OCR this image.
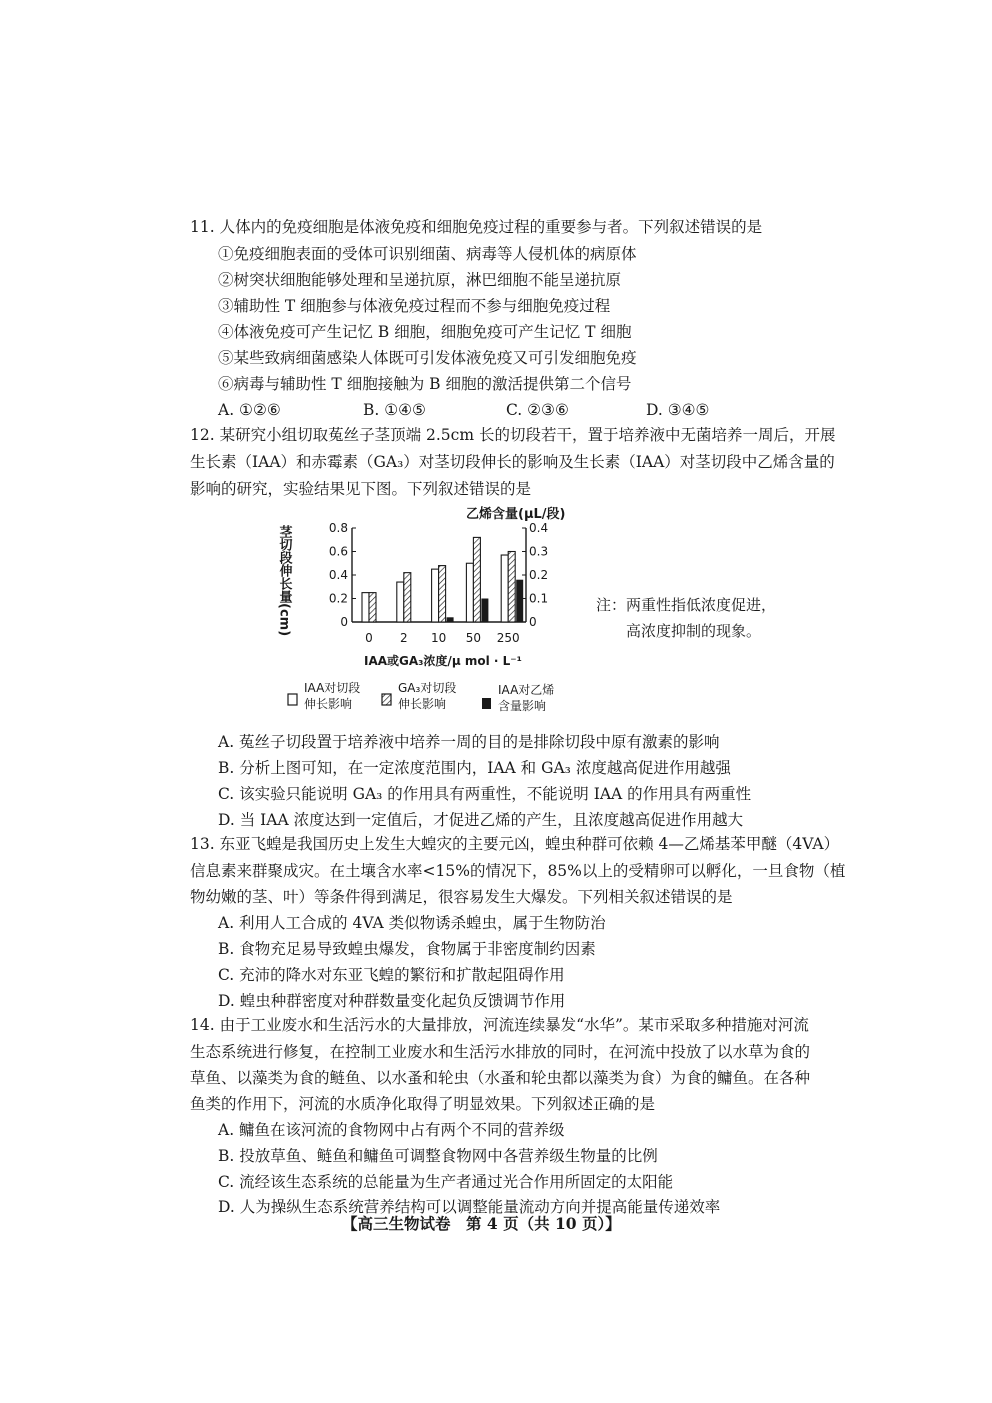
11. 人体内的免疫细胞是体液免疫和细胞免疫过程的重要参与者。下列叙述错误的是
①免疫细胞表面的受体可识别细菌、病毒等人侵机体的病原体
②树突状细胞能够处理和呈递抗原，淋巴细胞不能呈递抗原
③辅助性 T 细胞参与体液免疫过程而不参与细胞免疫过程
④体液免疫可产生记忆 B 细胞，细胞免疫可产生记忆 T 细胞
⑤某些致病细菌感染人体既可引发体液免疫又可引发细胞免疫
⑥病毒与辅助性 T 细胞接触为 B 细胞的激活提供第二个信号
A. ①②⑥	B. ①④⑤	C. ②③⑥	D. ③④⑤
12. 某研究小组切取菟丝子茎顶端 2.5cm 长的切段若干，置于培养液中无菌培养一周后，开展
生长素（IAA）和赤霉素（GA₃）对茎切段伸长的影响及生长素（IAA）对茎切段中乙烯含量的
影响的研究，实验结果见下图。下列叙述错误的是
0
0.2
0.4
0.6
0.8
0
0.1
0.2
0.3
0.4
0 2 10 50 250
茎切段伸长量(cm)
乙烯含量(μL/段)
IAA或GA₃浓度/μ mol · L⁻¹
IAA对切段
伸长影响
GA₃对切段
伸长影响
IAA对乙烯
含量影响
注：两重性指低浓度促进，
高浓度抑制的现象。
A. 菟丝子切段置于培养液中培养一周的目的是排除切段中原有激素的影响
B. 分析上图可知，在一定浓度范围内，IAA 和 GA₃ 浓度越高促进作用越强
C. 该实验只能说明 GA₃ 的作用具有两重性，不能说明 IAA 的作用具有两重性
D. 当 IAA 浓度达到一定值后，才促进乙烯的产生，且浓度越高促进作用越大
13. 东亚飞蝗是我国历史上发生大蝗灾的主要元凶，蝗虫种群可依赖 4—乙烯基苯甲醚（4VA）
信息素来群聚成灾。在土壤含水率<15%的情况下，85%以上的受精卵可以孵化，一旦食物（植
物幼嫩的茎、叶）等条件得到满足，很容易发生大爆发。下列相关叙述错误的是
A. 利用人工合成的 4VA 类似物诱杀蝗虫，属于生物防治
B. 食物充足易导致蝗虫爆发，食物属于非密度制约因素
C. 充沛的降水对东亚飞蝗的繁衍和扩散起阻碍作用
D. 蝗虫种群密度对种群数量变化起负反馈调节作用
14. 由于工业废水和生活污水的大量排放，河流连续暴发“水华”。某市采取多种措施对河流
生态系统进行修复，在控制工业废水和生活污水排放的同时，在河流中投放了以水草为食的
草鱼、以藻类为食的鲢鱼、以水蚤和轮虫（水蚤和轮虫都以藻类为食）为食的鳙鱼。在各种
鱼类的作用下，河流的水质净化取得了明显效果。下列叙述正确的是
A. 鳙鱼在该河流的食物网中占有两个不同的营养级
B. 投放草鱼、鲢鱼和鳙鱼可调整食物网中各营养级生物量的比例
C. 流经该生态系统的总能量为生产者通过光合作用所固定的太阳能
D. 人为操纵生态系统营养结构可以调整能量流动方向并提高能量传递效率
【高三生物试卷　第 4 页（共 10 页）】
